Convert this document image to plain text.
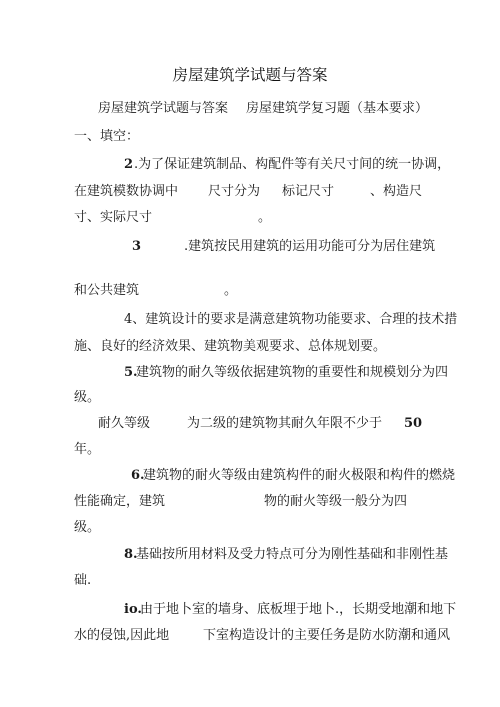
房屋建筑学试题与答案
房屋建筑学试题与答案 房屋建筑学复习题（基本要求）
一、填空：
2 .为了保证建筑制品、构配件等有关尺寸间的统一协调，
在建筑模数协调中 尺寸分为 标记尺寸	、构造尺
寸、实际尺寸	。
3	.建筑按民用建筑的运用功能可分为居住建筑
和公共建筑	。
4、建筑设计的要求是满意建筑物功能要求、合理的技术措
施、良好的经济效果、建筑物美观要求、总体规划要。
5.
建筑物的耐久等级依据建筑物的重要性和规模划分为四
级。
耐久等级	为二级的建筑物其耐久年限不少于 50
年。
6.
建筑物的耐火等级由建筑构件的耐火极限和构件的燃烧
性能确定，建筑	物的耐火等级一般分为四
级。
8.
基础按所用材料及受力特点可分为刚性基础和非刚性基
础.
io.
由于地卜室的墙身、底板埋于地卜.，长期受地潮和地下
水的侵蚀,因此地	下室构造设计的主要任务是防水防潮和通风
